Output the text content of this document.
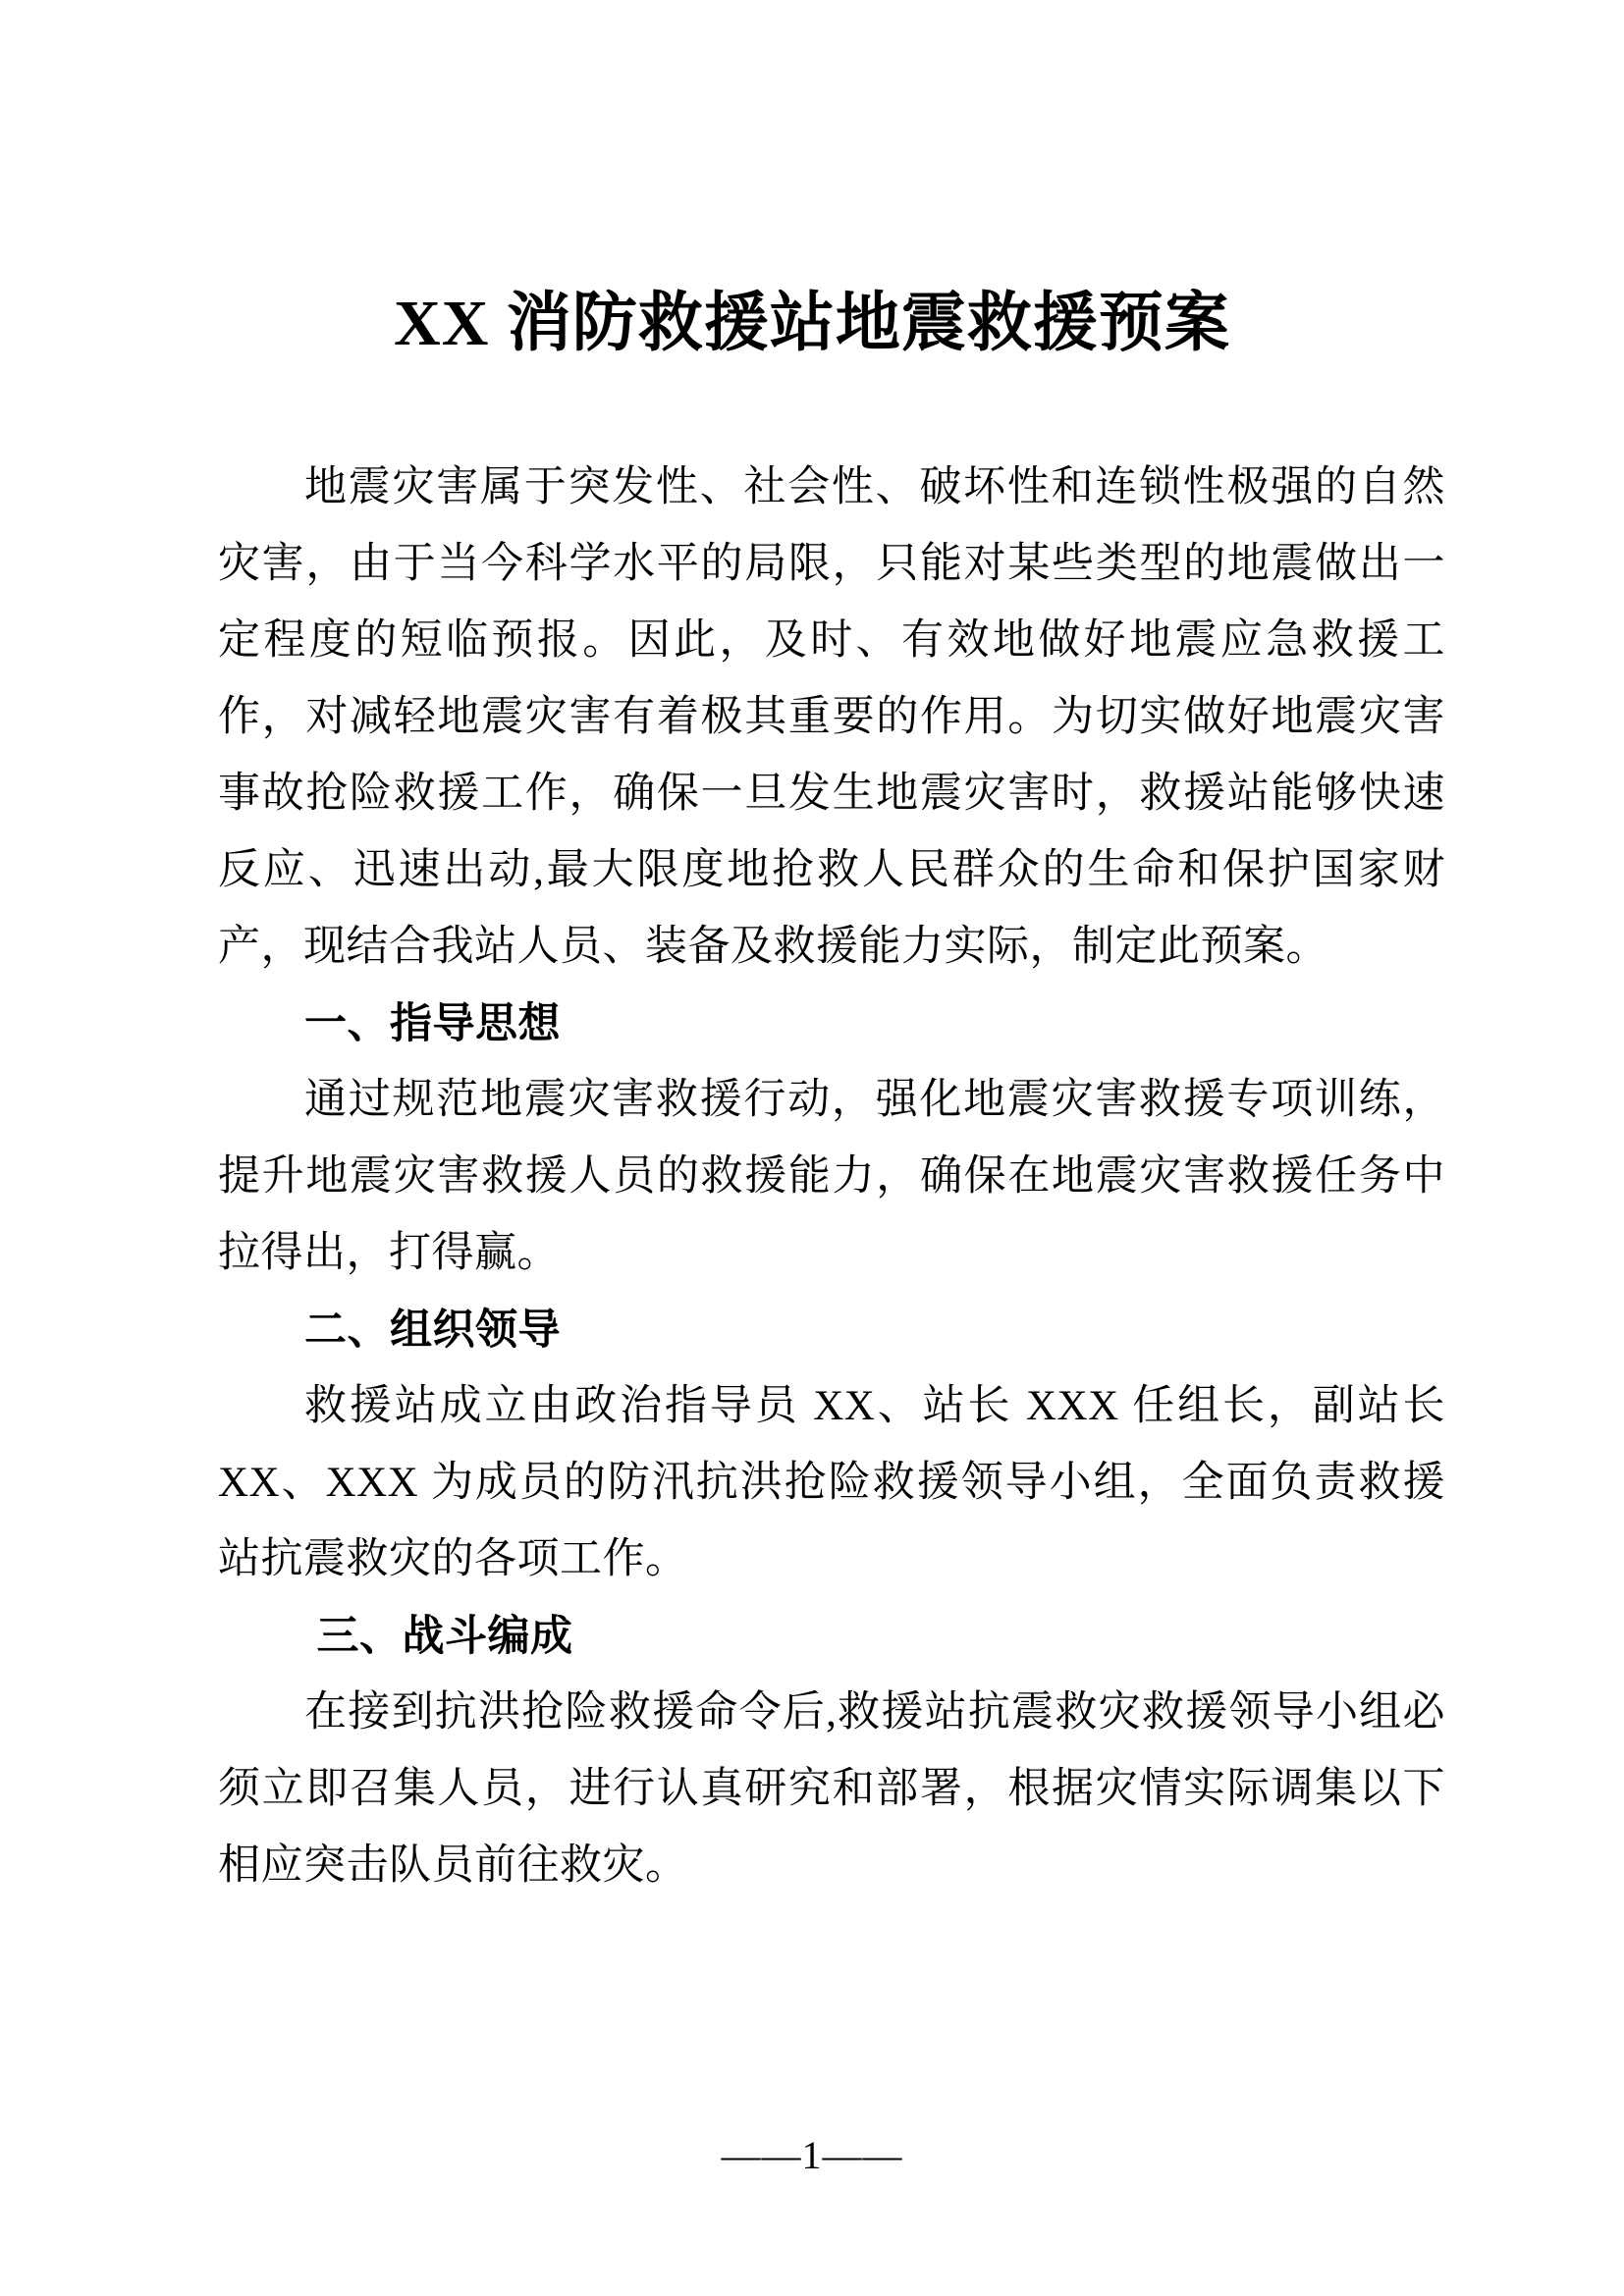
XX 消防救援站地震救援预案

地震灾害属于突发性、社会性、破坏性和连锁性极强的自然灾害，由于当今科学水平的局限，只能对某些类型的地震做出一定程度的短临预报。因此，及时、有效地做好地震应急救援工作，对减轻地震灾害有着极其重要的作用。为切实做好地震灾害事故抢险救援工作，确保一旦发生地震灾害时，救援站能够快速反应、迅速出动,最大限度地抢救人民群众的生命和保护国家财产，现结合我站人员、装备及救援能力实际，制定此预案。

一、指导思想

通过规范地震灾害救援行动，强化地震灾害救援专项训练，提升地震灾害救援人员的救援能力，确保在地震灾害救援任务中拉得出，打得赢。

二、组织领导

救援站成立由政治指导员 XX、站长 XXX 任组长，副站长 XX、XXX 为成员的防汛抗洪抢险救援领导小组，全面负责救援站抗震救灾的各项工作。

三、战斗编成

在接到抗洪抢险救援命令后,救援站抗震救灾救援领导小组必须立即召集人员，进行认真研究和部署，根据灾情实际调集以下相应突击队员前往救灾。

——1——
